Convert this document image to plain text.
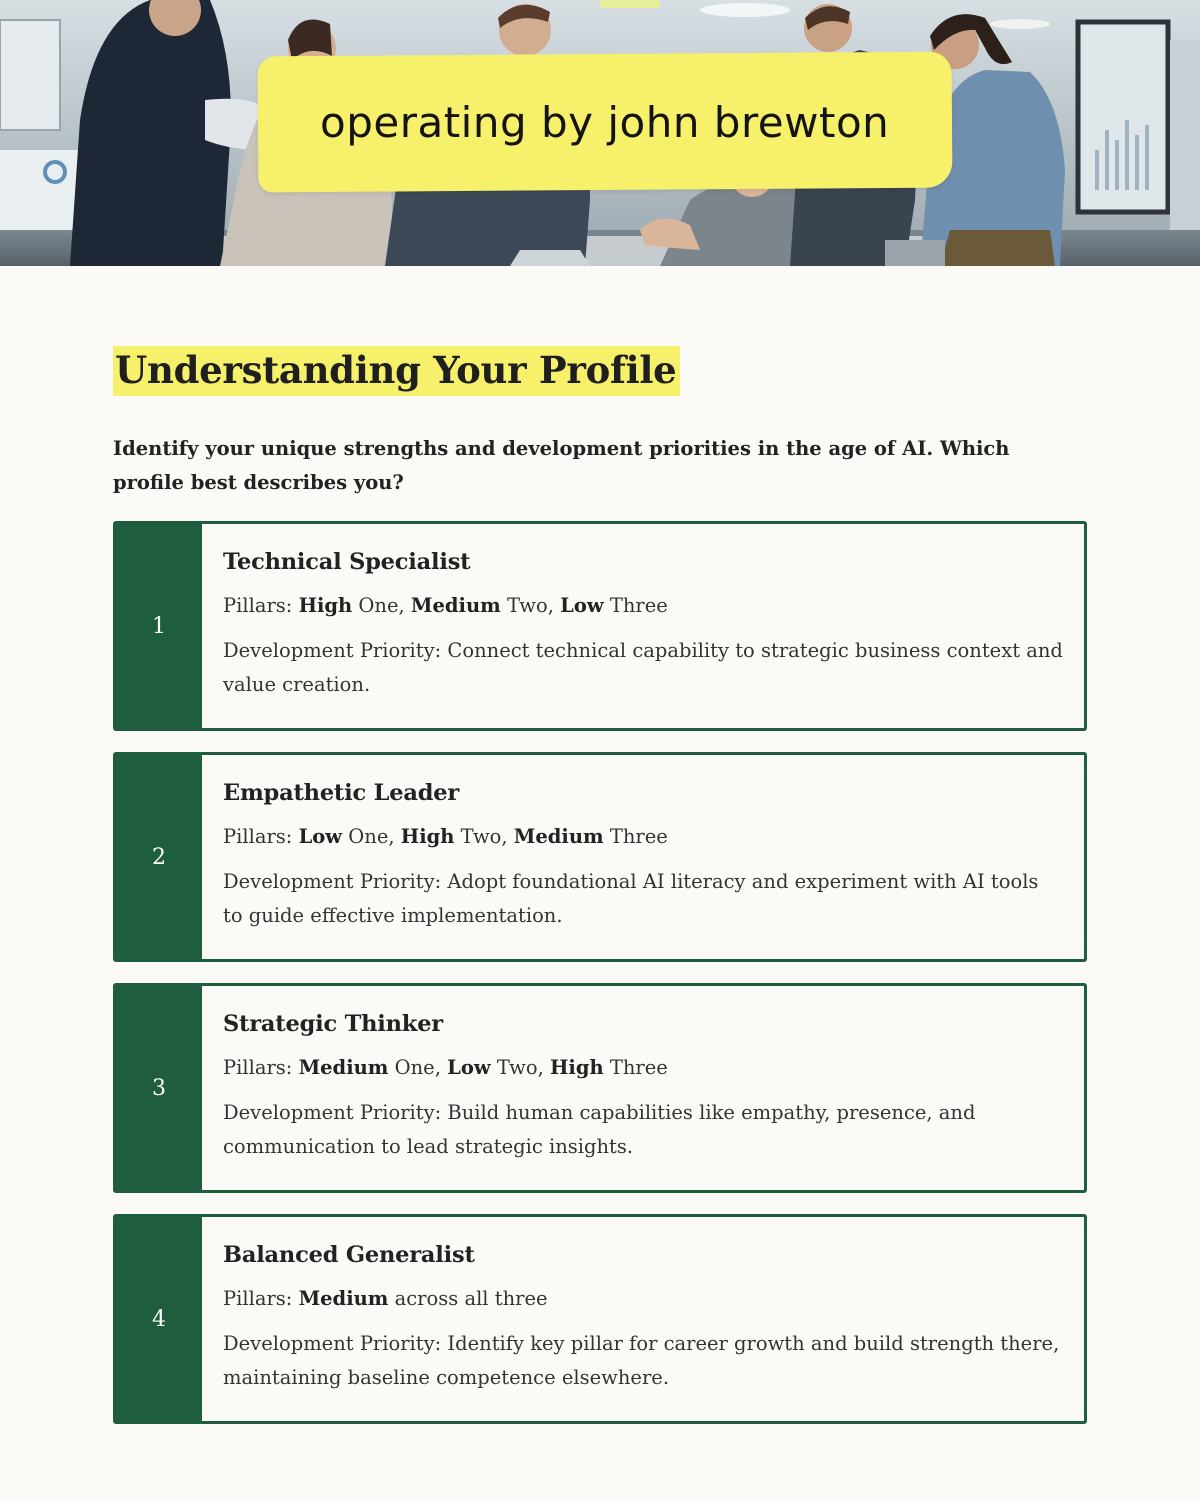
operating by john brewton
Understanding Your Profile

Identify your unique strengths and development priorities in the age of AI. Which profile best describes you?

1
Technical Specialist
Pillars: High One, Medium Two, Low Three
Development Priority: Connect technical capability to strategic business context and value creation.
2
Empathetic Leader
Pillars: Low One, High Two, Medium Three
Development Priority: Adopt foundational AI literacy and experiment with AI tools to guide effective implementation.
3
Strategic Thinker
Pillars: Medium One, Low Two, High Three
Development Priority: Build human capabilities like empathy, presence, and communication to lead strategic insights.
4
Balanced Generalist
Pillars: Medium across all three
Development Priority: Identify key pillar for career growth and build strength there, maintaining baseline competence elsewhere.
